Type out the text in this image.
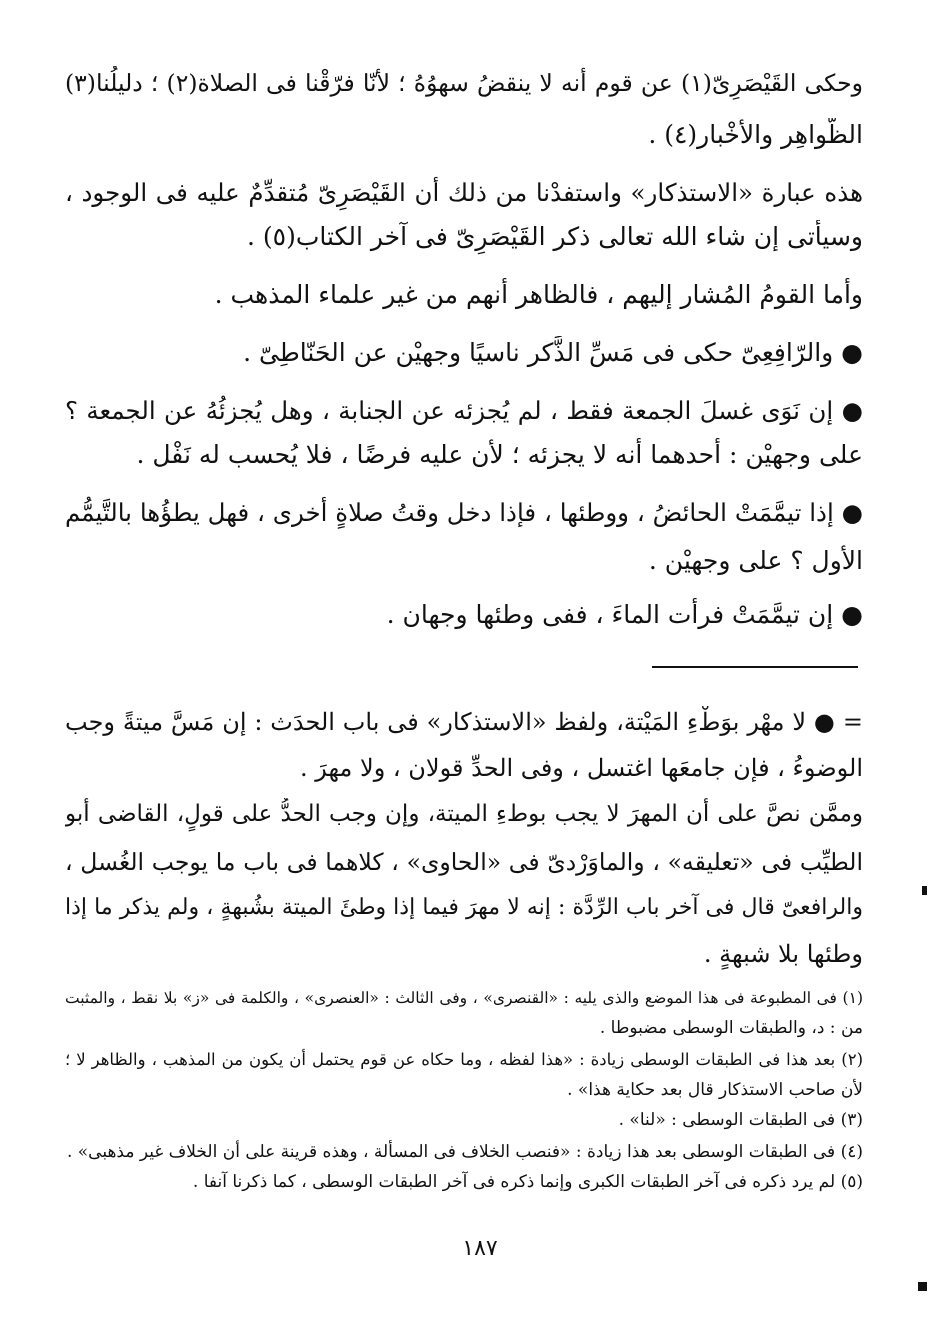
وحكى القَيْصَرِىّ(١) عن قوم أنه لا ينقضُ سهوُهُ ؛ لأنّا فرّقْنا فى الصلاة(٢) ؛ دليلُنا(٣)
الظَّواهِر والأَخْبار(٤) .
هذه عبارة «الاستذكار» واستفدْنا من ذلك أن القَيْصَرِىّ مُتقدِّمٌ عليه فى الوجود ،
وسيأتى إن شاء الله تعالى ذكر القَيْصَرِىّ فى آخر الكتاب(٥) .
وأما القومُ المُشار إليهم ، فالظاهر أنهم من غير علماء المذهب .
● والرّافِعِىّ حكى فى مَسِّ الذَّكر ناسيًا وجهيْن عن الحَنّاطِىّ .
● إن نَوَى غسلَ الجمعة فقط ، لم يُجزئه عن الجنابة ، وهل يُجزئُهُ عن الجمعة ؟
على وجهيْن : أحدهما أنه لا يجزئه ؛ لأن عليه فرضًا ، فلا يُحسب له نَفْل .
● إذا تيمَّمَتْ الحائضُ ، ووطئها ، فإذا دخل وقتُ صلاةٍ أخرى ، فهل يطؤُها بالتَّيمُّم
الأول ؟ على وجهيْن .
● إن تيمَّمَتْ فرأت الماءَ ، ففى وطئها وجهان .
= ● لا مهْر بوَطْءِ المَيْتة، ولفظ «الاستذكار» فى باب الحدَث : إن مَسَّ ميتةً وجب
الوضوءُ ، فإن جامعَها اغتسل ، وفى الحدِّ قولان ، ولا مهرَ .
وممَّن نصَّ على أن المهرَ لا يجب بوطءِ الميتة، وإن وجب الحدُّ على قولٍ، القاضى أبو
الطيِّب فى «تعليقه» ، والماوَرْدىّ فى «الحاوى» ، كلاهما فى باب ما يوجب الغُسل ،
والرافعىّ قال فى آخر باب الرِّدَّة : إنه لا مهرَ فيما إذا وطئَ الميتة بشُبهةٍ ، ولم يذكر ما إذا
وطئها بلا شبهةٍ .
(١) فى المطبوعة فى هذا الموضع والذى يليه : «القنصرى» ، وفى الثالث : «العنصرى» ، والكلمة فى «ز» بلا نقط ، والمثبت
من : د، والطبقات الوسطى مضبوطا .
(٢) بعد هذا فى الطبقات الوسطى زيادة : «هذا لفظه ، وما حكاه عن قوم يحتمل أن يكون من المذهب ، والظاهر لا ؛
لأن صاحب الاستذكار قال بعد حكاية هذا» .
(٣) فى الطبقات الوسطى : «لنا» .
(٤) فى الطبقات الوسطى بعد هذا زيادة : «فنصب الخلاف فى المسألة ، وهذه قرينة على أن الخلاف غير مذهبى» .
(٥) لم يرد ذكره فى آخر الطبقات الكبرى وإنما ذكره فى آخر الطبقات الوسطى ، كما ذكرنا آنفا .
١٨٧
